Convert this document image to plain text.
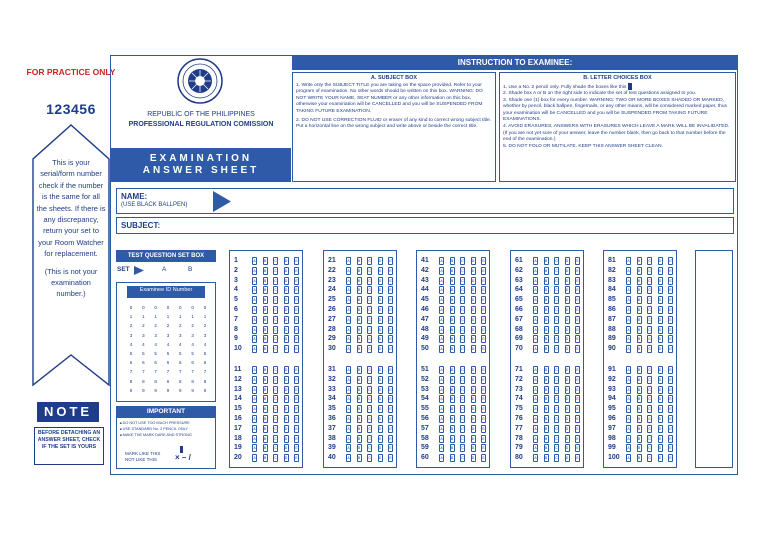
FOR PRACTICE ONLY
123456
This is your serial/form number check if the number is the same for all the sheets. If there is any discrepancy, return your set to your Room Watcher for replacement.
(This is not your examination number.)
NOTE
BEFORE DETACHING AN ANSWER SHEET, CHECK IF THE SET IS YOURS
REPUBLIC OF THE PHILIPPINES
PROFESSIONAL REGULATION COMISSION
EXAMINATION
ANSWER SHEET
INSTRUCTION TO EXAMINEE:
A. SUBJECT BOX

1. Write only the SUBJECT TITLE you are taking on the space provided. Refer to your program of examination. No other words should be written on this box. WARNING: DO NOT WRITE YOUR NAME, SEAT NUMBER or any other information on this box, otherwise your examination will be CANCELLED and you will be SUSPENDED FROM TAKING FUTURE EXAMINATION.

2. DO NOT USE CORRECTION FLUID or eraser of any kind to correct wrong subject title. Put a horizontal line on the wrong subject and write above or beside the correct title.

B. LETTER CHOICES BOX
1. Use a No. 2 pencil only. Fully shade the boxes like this
2. Shade box A or B on the right side to indicate the set of test questions assigned to you.
3. Shade one (1) box for every number. WARNING: TWO OR MORE BOXES SHADED OR MARKED, whether by pencil, black ballpen, fingernails, or any other means, will be considered marked paper, thus your examination will be CANCELLED and you will be SUSPENDED FROM TAKING FUTURE EXAMINATIONS.
4. AVOID ERASURES, ANSWERS WITH ERASURES WHICH LEAVE A MARK WILL BE INVALIDATED.
(If you are not yet sure of your answer, leave the number blank, then go back to that number before the end of the examination.)
5. DO NOT FOLD OR MUTILATE. KEEP THIS ANSWER SHEET CLEAN.
NAME:
(USE BLACK BALLPEN)
SUBJECT:
TEST QUESTION SET BOX
SET	A	B
Examinee ID Number
0	0	0	0	0	0	0
1	1	1	1	1	1	1
2	2	2	2	2	2	2
3	3	3	3	3	3	3
4	4	4	4	4	4	4
5	5	5	5	5	5	5
6	6	6	6	6	6	6
7	7	7	7	7	7	7
8	8	8	8	8	8	8
9	9	9	9	9	9	9
IMPORTANT
■ DO NOT USE TOO MUCH PRESSURE
■ USE STANDARD No. 2 PENCIL ONLY
■ MAKE THE MARK DARK AND STRONG
MARK LIKE THIS
NOT LIKE THIS	× – /
1	A	B	C	D	E
2	A	B	C	D	E
3	A	B	C	D	E
4	A	B	C	D	E
5	A	B	C	D	E
6	A	B	C	D	E
7	A	B	C	D	E
8	A	B	C	D	E
9	A	B	C	D	E
10	A	B	C	D	E
11	A	B	C	D	E
12	A	B	C	D	E
13	A	B	C	D	E
14	A	B	C	D	E
15	A	B	C	D	E
16	A	B	C	D	E
17	A	B	C	D	E
18	A	B	C	D	E
19	A	B	C	D	E
20	A	B	C	D	E
21	A	B	C	D	E
22	A	B	C	D	E
23	A	B	C	D	E
24	A	B	C	D	E
25	A	B	C	D	E
26	A	B	C	D	E
27	A	B	C	D	E
28	A	B	C	D	E
29	A	B	C	D	E
30	A	B	C	D	E
31	A	B	C	D	E
32	A	B	C	D	E
33	A	B	C	D	E
34	A	B	C	D	E
35	A	B	C	D	E
36	A	B	C	D	E
37	A	B	C	D	E
38	A	B	C	D	E
39	A	B	C	D	E
40	A	B	C	D	E
41	A	B	C	D	E
42	A	B	C	D	E
43	A	B	C	D	E
44	A	B	C	D	E
45	A	B	C	D	E
46	A	B	C	D	E
47	A	B	C	D	E
48	A	B	C	D	E
49	A	B	C	D	E
50	A	B	C	D	E
51	A	B	C	D	E
52	A	B	C	D	E
53	A	B	C	D	E
54	A	B	C	D	E
55	A	B	C	D	E
56	A	B	C	D	E
57	A	B	C	D	E
58	A	B	C	D	E
59	A	B	C	D	E
60	A	B	C	D	E
61	A	B	C	D	E
62	A	B	C	D	E
63	A	B	C	D	E
64	A	B	C	D	E
65	A	B	C	D	E
66	A	B	C	D	E
67	A	B	C	D	E
68	A	B	C	D	E
69	A	B	C	D	E
70	A	B	C	D	E
71	A	B	C	D	E
72	A	B	C	D	E
73	A	B	C	D	E
74	A	B	C	D	E
75	A	B	C	D	E
76	A	B	C	D	E
77	A	B	C	D	E
78	A	B	C	D	E
79	A	B	C	D	E
80	A	B	C	D	E
81	A	B	C	D	E
82	A	B	C	D	E
83	A	B	C	D	E
84	A	B	C	D	E
85	A	B	C	D	E
86	A	B	C	D	E
87	A	B	C	D	E
88	A	B	C	D	E
89	A	B	C	D	E
90	A	B	C	D	E
91	A	B	C	D	E
92	A	B	C	D	E
93	A	B	C	D	E
94	A	B	C	D	E
95	A	B	C	D	E
96	A	B	C	D	E
97	A	B	C	D	E
98	A	B	C	D	E
99	A	B	C	D	E
100	A	B	C	D	E
